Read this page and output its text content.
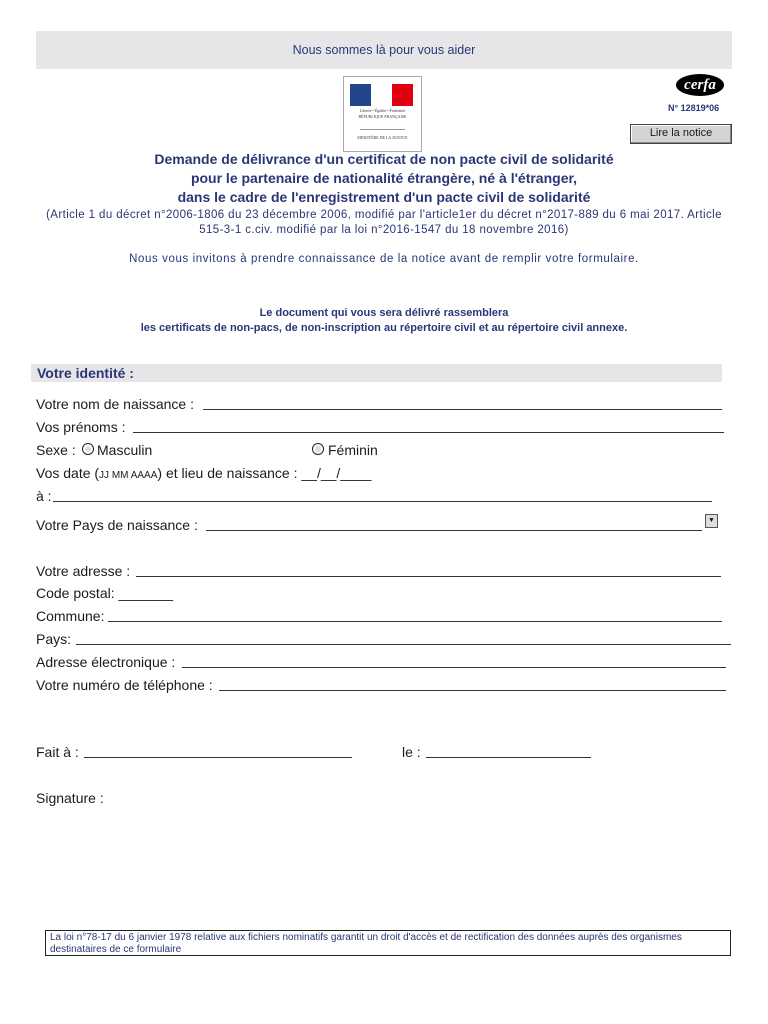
Nous sommes là pour vous aider
Liberté • Égalité • Fraternité
RÉPUBLIQUE FRANÇAISE
MINISTÈRE DE LA JUSTICE
cerfa
N° 12819*06
Lire la notice
Demande de délivrance d'un certificat de non pacte civil de solidarité
pour le partenaire de nationalité étrangère, né à l'étranger,
dans le cadre de l'enregistrement d'un pacte civil de solidarité
(Article 1 du décret n°2006-1806 du 23 décembre 2006, modifié par l'article1er du décret n°2017-889 du 6 mai 2017. Article 515-3-1 c.civ. modifié par la loi n°2016-1547 du 18 novembre 2016)
Nous vous invitons à prendre connaissance de la notice avant de remplir votre formulaire.
Le document qui vous sera délivré rassemblera
les certificats de non-pacs, de non-inscription au répertoire civil et au répertoire civil annexe.
Votre identité :
Votre nom de naissance :
Vos prénoms :
Sexe : Masculin	Féminin
Vos date (JJ MM AAAA) et lieu de naissance : __/__/____
à :
Votre Pays de naissance :	▼
Votre adresse :
Code postal: _______
Commune:
Pays:
Adresse électronique :
Votre numéro de téléphone :
Fait à :	le :
Signature :
La loi n°78-17 du 6 janvier 1978 relative aux fichiers nominatifs garantit un droit d'accès et de rectification des données auprès des organismes destinataires de ce formulaire
